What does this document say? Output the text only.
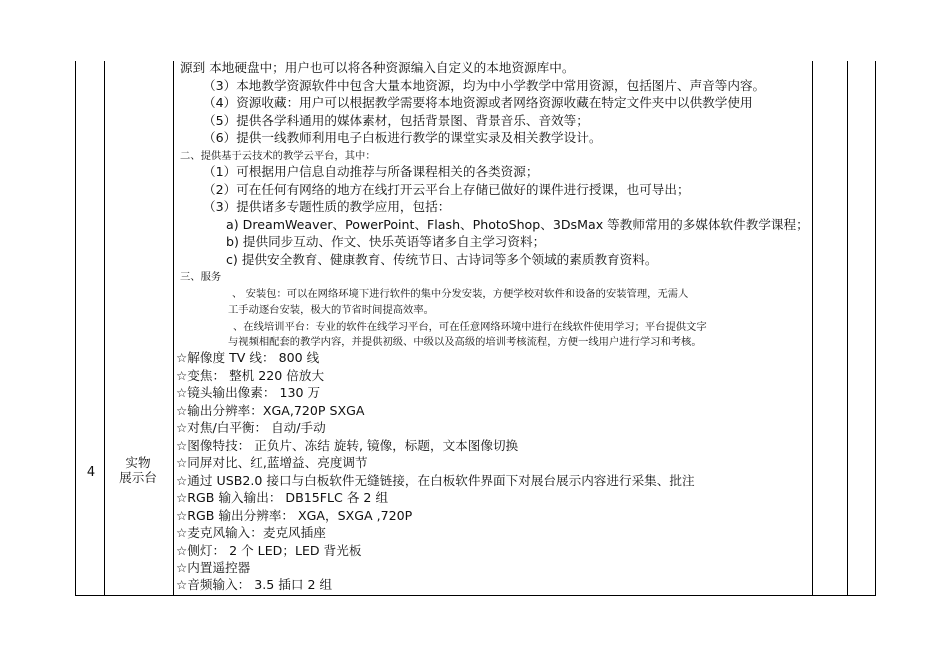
4
实物
展示台
源到 本地硬盘中；用户也可以将各种资源编入自定义的本地资源库中。
（3）本地教学资源软件中包含大量本地资源，均为中小学教学中常用资源，包括图片、声音等内容。
（4）资源收藏：用户可以根据教学需要将本地资源或者网络资源收藏在特定文件夹中以供教学使用
（5）提供各学科通用的媒体素材，包括背景图、背景音乐、音效等；
（6）提供一线教师利用电子白板进行教学的课堂实录及相关教学设计。
二、提供基于云技术的教学云平台，其中：
（1）可根据用户信息自动推荐与所备课程相关的各类资源；
（2）可在任何有网络的地方在线打开云平台上存储已做好的课件进行授课，也可导出；
（3）提供诸多专题性质的教学应用，包括：
a) DreamWeaver、PowerPoint、Flash、PhotoShop、3DsMax 等教师常用的多媒体软件教学课程；
b) 提供同步互动、作文、快乐英语等诸多自主学习资料；
c) 提供安全教育、健康教育、传统节日、古诗词等多个领域的素质教育资料。
三、服务
、 安装包：可以在网络环境下进行软件的集中分发安装，方便学校对软件和设备的安装管理，无需人
工手动逐台安装，极大的节省时间提高效率。
、在线培训平台：专业的软件在线学习平台，可在任意网络环境中进行在线软件使用学习；平台提供文字
与视频相配套的教学内容，并提供初级、中级以及高级的培训考核流程，方便一线用户进行学习和考核。
☆解像度 TV 线： 800 线
☆变焦： 整机 220 倍放大
☆镜头输出像素： 130 万
☆输出分辨率：XGA,720P SXGA
☆对焦/白平衡： 自动/手动
☆图像特技： 正负片、冻结 旋转, 镜像，标题，文本图像切换
☆同屏对比、红,蓝增益、亮度调节
☆通过 USB2.0 接口与白板软件无缝链接，在白板软件界面下对展台展示内容进行采集、批注
☆RGB 输入输出： DB15FLC 各 2 组
☆RGB 输出分辨率： XGA，SXGA ,720P
☆麦克风输入：麦克风插座
☆侧灯： 2 个 LED；LED 背光板
☆内置遥控器
☆音频输入： 3.5 插口 2 组
